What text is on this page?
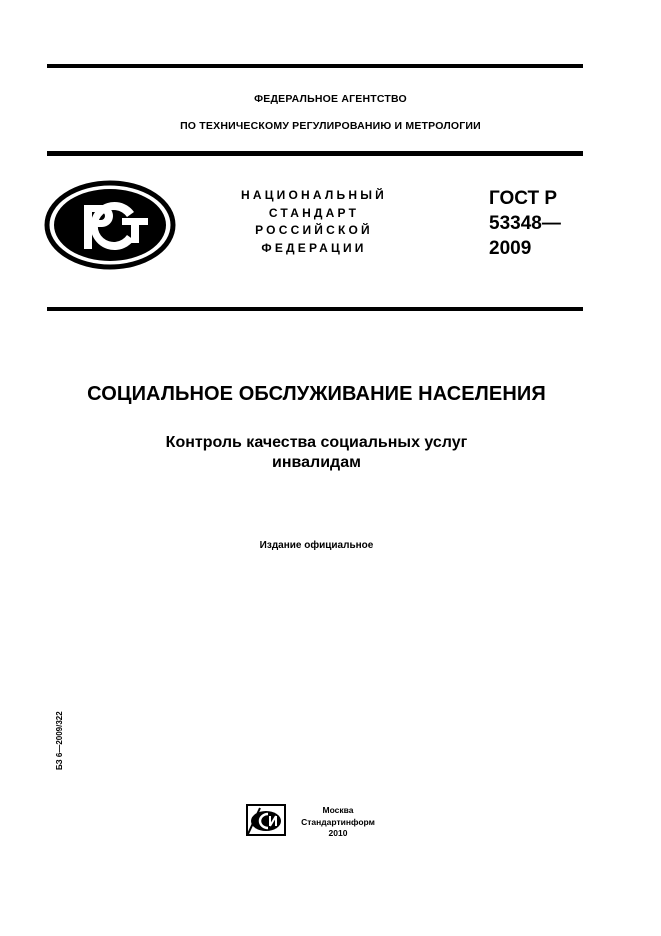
ФЕДЕРАЛЬНОЕ АГЕНТСТВО
ПО ТЕХНИЧЕСКОМУ РЕГУЛИРОВАНИЮ И МЕТРОЛОГИИ
НАЦИОНАЛЬНЫЙ
СТАНДАРТ
РОССИЙСКОЙ
ФЕДЕРАЦИИ
ГОСТ Р
53348—
2009
СОЦИАЛЬНОЕ ОБСЛУЖИВАНИЕ НАСЕЛЕНИЯ
Контроль качества социальных услуг
инвалидам
Издание официальное
БЗ 6—2009/322
Москва
Стандартинформ
2010
